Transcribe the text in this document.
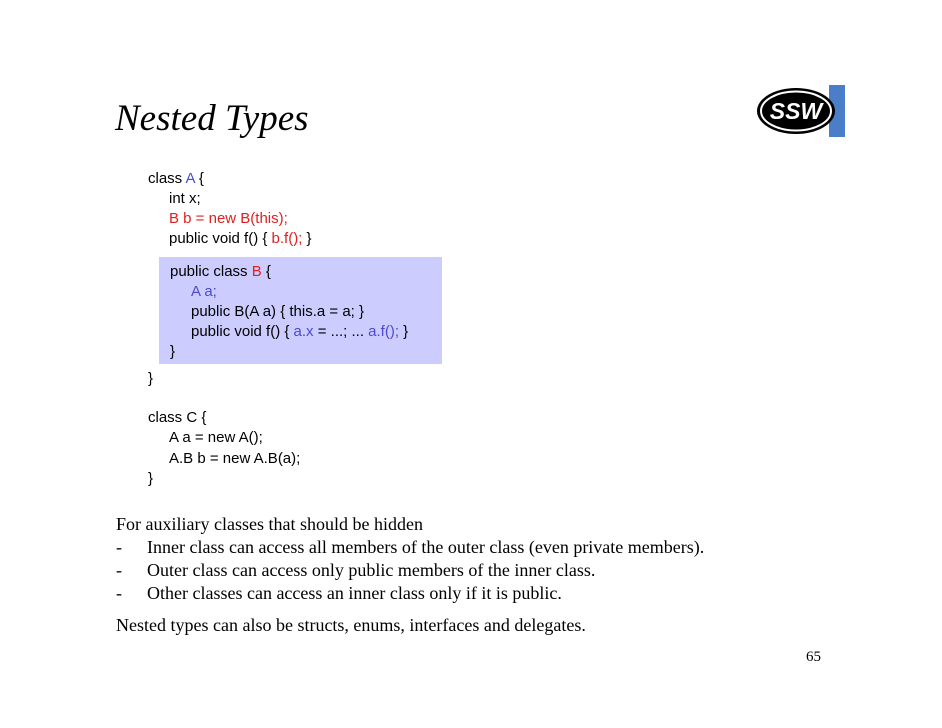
Nested Types	SSW
class A {
int x;
B b = new B(this);
public void f() { b.f(); }
public class B {
A a;
public B(A a) { this.a = a; }
public void f() { a.x = ...; ... a.f(); }
}
}
class C {
A a = new A();
A.B b = new A.B(a);
}
For auxiliary classes that should be hidden
- Inner class can access all members of the outer class (even private members).
- Outer class can access only public members of the inner class.
- Other classes can access an inner class only if it is public.
Nested types can also be structs, enums, interfaces and delegates.
65
